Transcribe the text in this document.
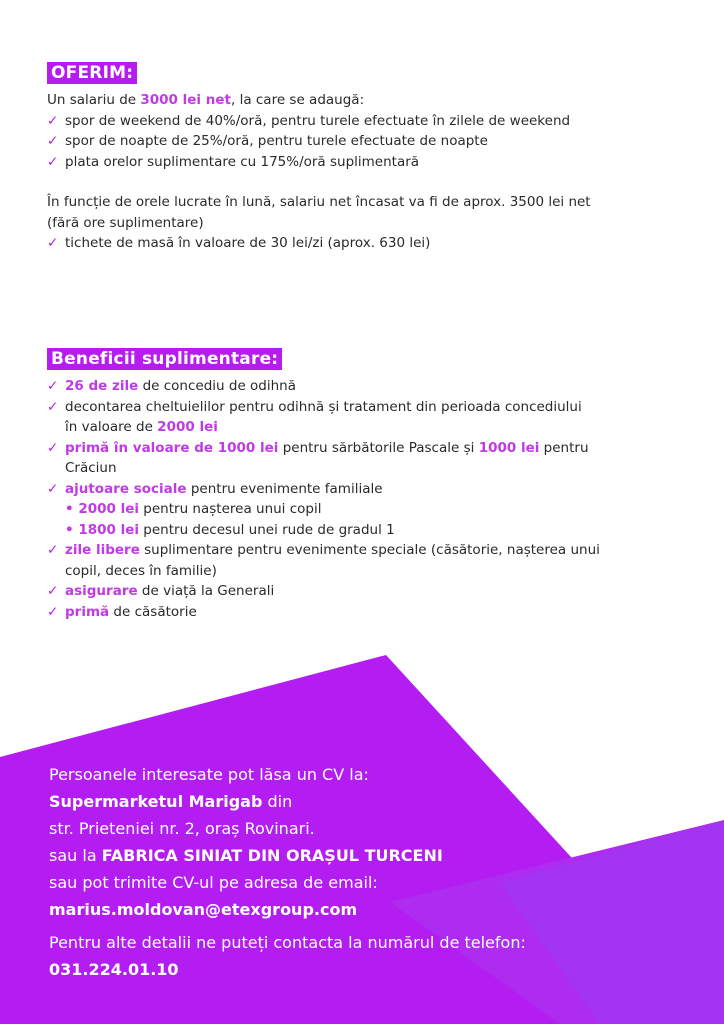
OFERIM:
Un salariu de 3000 lei net, la care se adaugă:
✓ spor de weekend de 40%/oră, pentru turele efectuate în zilele de weekend
✓ spor de noapte de 25%/oră, pentru turele efectuate de noapte
✓ plata orelor suplimentare cu 175%/oră suplimentară
În funcție de orele lucrate în lună, salariu net încasat va fi de aprox. 3500 lei net
(fără ore suplimentare)
✓ tichete de masă în valoare de 30 lei/zi (aprox. 630 lei)
Beneficii suplimentare:
✓ 26 de zile de concediu de odihnă
✓ decontarea cheltuielilor pentru odihnă și tratament din perioada concediului
în valoare de 2000 lei
✓ primă în valoare de 1000 lei pentru sărbătorile Pascale și 1000 lei pentru
Crăciun
✓ ajutoare sociale pentru evenimente familiale
• 2000 lei pentru nașterea unui copil
• 1800 lei pentru decesul unei rude de gradul 1
✓ zile libere suplimentare pentru evenimente speciale (căsătorie, nașterea unui
copil, deces în familie)
✓ asigurare de viață la Generali
✓ primă de căsătorie
Persoanele interesate pot lăsa un CV la:
Supermarketul Marigab din
str. Prieteniei nr. 2, oraș Rovinari.
sau la FABRICA SINIAT DIN ORAȘUL TURCENI
sau pot trimite CV-ul pe adresa de email:
marius.moldovan@etexgroup.com
Pentru alte detalii ne puteți contacta la numărul de telefon:
031.224.01.10
